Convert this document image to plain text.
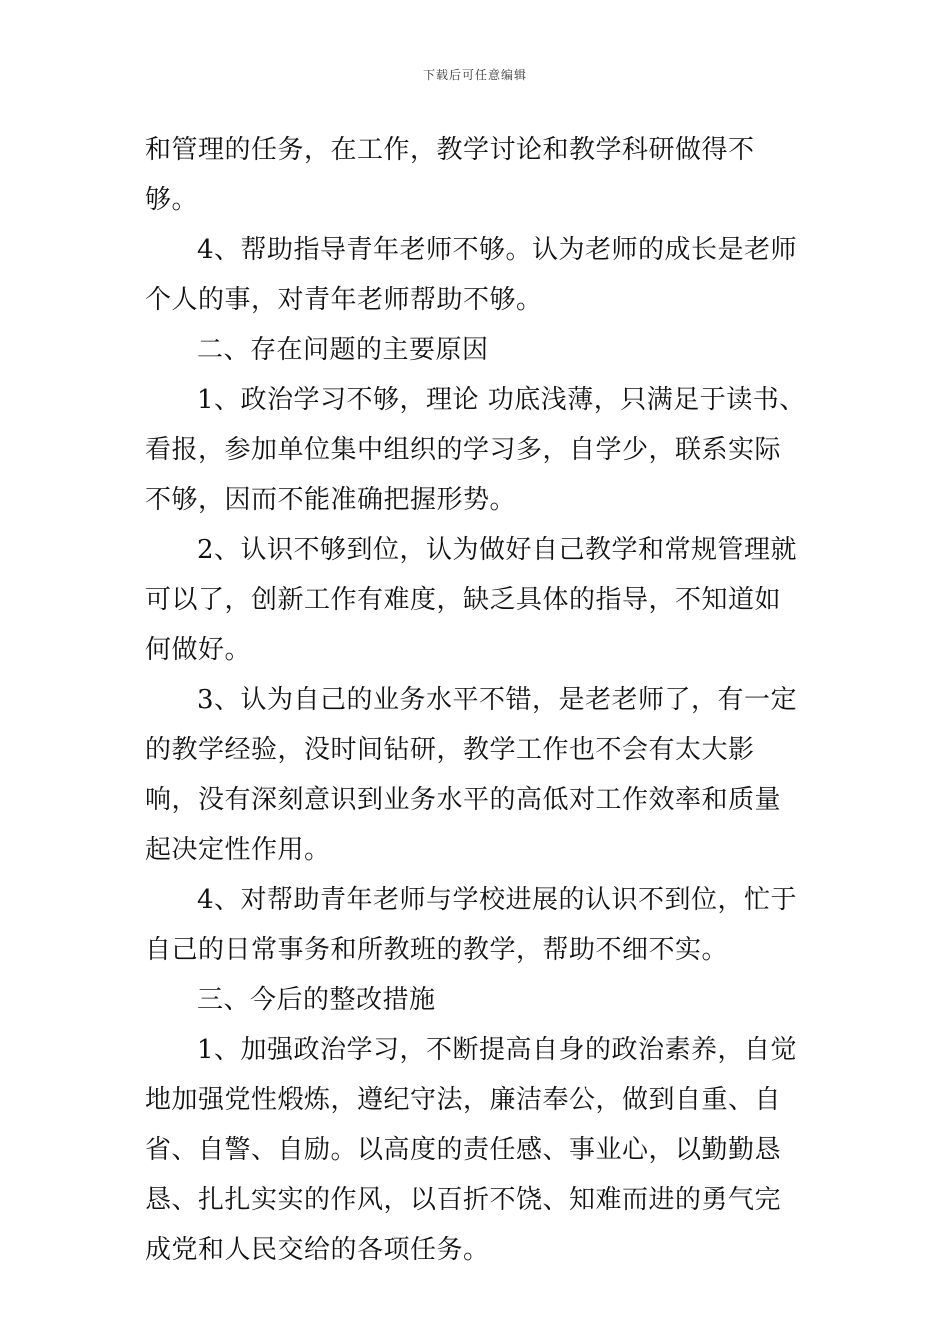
下载后可任意编辑

和管理的任务，在工作，教学讨论和教学科研做得不够。

4、帮助指导青年老师不够。认为老师的成长是老师个人的事，对青年老师帮助不够。

二、存在问题的主要原因

1、政治学习不够，理论 功底浅薄，只满足于读书、看报，参加单位集中组织的学习多，自学少，联系实际不够，因而不能准确把握形势。

2、认识不够到位，认为做好自己教学和常规管理就可以了，创新工作有难度，缺乏具体的指导，不知道如何做好。

3、认为自己的业务水平不错，是老老师了，有一定的教学经验，没时间钻研，教学工作也不会有太大影响，没有深刻意识到业务水平的高低对工作效率和质量起决定性作用。

4、对帮助青年老师与学校进展的认识不到位，忙于自己的日常事务和所教班的教学，帮助不细不实。

三、今后的整改措施

1、加强政治学习，不断提高自身的政治素养，自觉地加强党性煅炼，遵纪守法，廉洁奉公，做到自重、自省、自警、自励。以高度的责任感、事业心，以勤勤恳恳、扎扎实实的作风，以百折不饶、知难而进的勇气完成党和人民交给的各项任务。
